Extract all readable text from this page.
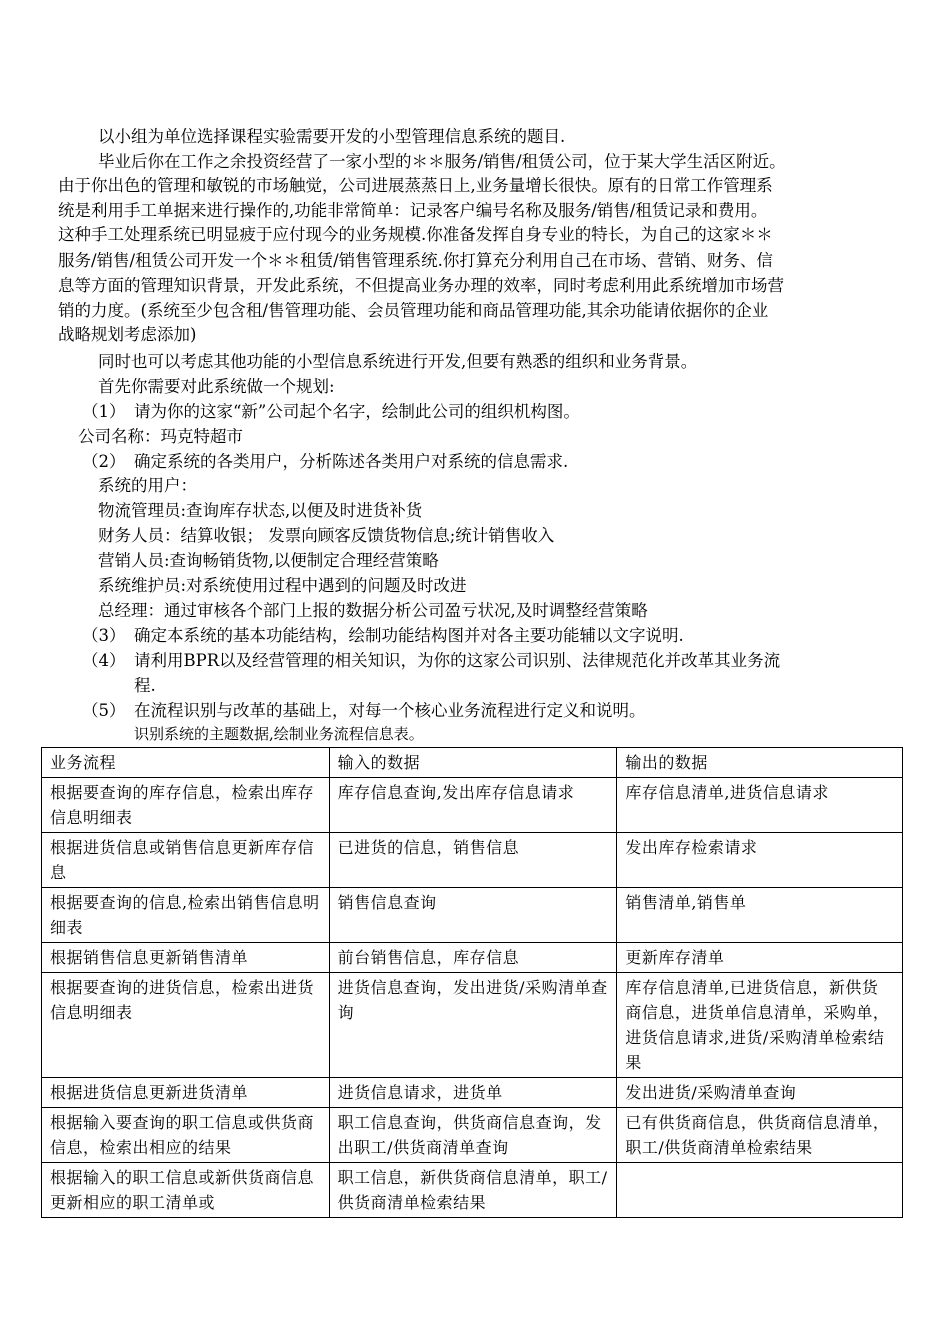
以小组为单位选择课程实验需要开发的小型管理信息系统的题目.
毕业后你在工作之余投资经营了一家小型的＊＊服务/销售/租赁公司，位于某大学生活区附近。
由于你出色的管理和敏锐的市场触觉，公司进展蒸蒸日上,业务量增长很快。原有的日常工作管理系
统是利用手工单据来进行操作的,功能非常简单：记录客户编号名称及服务/销售/租赁记录和费用。
这种手工处理系统已明显疲于应付现今的业务规模.你准备发挥自身专业的特长，为自己的这家＊＊
服务/销售/租赁公司开发一个＊＊租赁/销售管理系统.你打算充分利用自己在市场、营销、财务、信
息等方面的管理知识背景，开发此系统，不但提高业务办理的效率，同时考虑利用此系统增加市场营
销的力度。(系统至少包含租/售管理功能、会员管理功能和商品管理功能,其余功能请依据你的企业
战略规划考虑添加)
同时也可以考虑其他功能的小型信息系统进行开发,但要有熟悉的组织和业务背景。
首先你需要对此系统做一个规划:
（1） 请为你的这家“新”公司起个名字，绘制此公司的组织机构图。
公司名称：玛克特超市
（2） 确定系统的各类用户，分析陈述各类用户对系统的信息需求.
系统的用户：
物流管理员:查询库存状态,以便及时进货补货
财务人员：结算收银； 发票向顾客反馈货物信息;统计销售收入
营销人员:查询畅销货物,以便制定合理经营策略
系统维护员:对系统使用过程中遇到的问题及时改进
总经理：通过审核各个部门上报的数据分析公司盈亏状况,及时调整经营策略
（3） 确定本系统的基本功能结构，绘制功能结构图并对各主要功能辅以文字说明.
（4） 请利用BPR以及经营管理的相关知识，为你的这家公司识别、法律规范化并改革其业务流
程.
（5） 在流程识别与改革的基础上，对每一个核心业务流程进行定义和说明。
识别系统的主题数据,绘制业务流程信息表。
业务流程	输入的数据	输出的数据
根据要查询的库存信息，检索出库存信息明细表	库存信息查询,发出库存信息请求	库存信息清单,进货信息请求
根据进货信息或销售信息更新库存信息	已进货的信息，销售信息	发出库存检索请求
根据要查询的信息,检索出销售信息明细表	销售信息查询	销售清单,销售单
根据销售信息更新销售清单	前台销售信息，库存信息	更新库存清单
根据要查询的进货信息，检索出进货信息明细表	进货信息查询，发出进货/采购清单查询	库存信息清单,已进货信息，新供货商信息，进货单信息清单，采购单，进货信息请求,进货/采购清单检索结果
根据进货信息更新进货清单	进货信息请求，进货单	发出进货/采购清单查询
根据输入要查询的职工信息或供货商信息，检索出相应的结果	职工信息查询，供货商信息查询，发出职工/供货商清单查询	已有供货商信息，供货商信息清单，职工/供货商清单检索结果
根据输入的职工信息或新供货商信息更新相应的职工清单或	职工信息，新供货商信息清单，职工/供货商清单检索结果	
